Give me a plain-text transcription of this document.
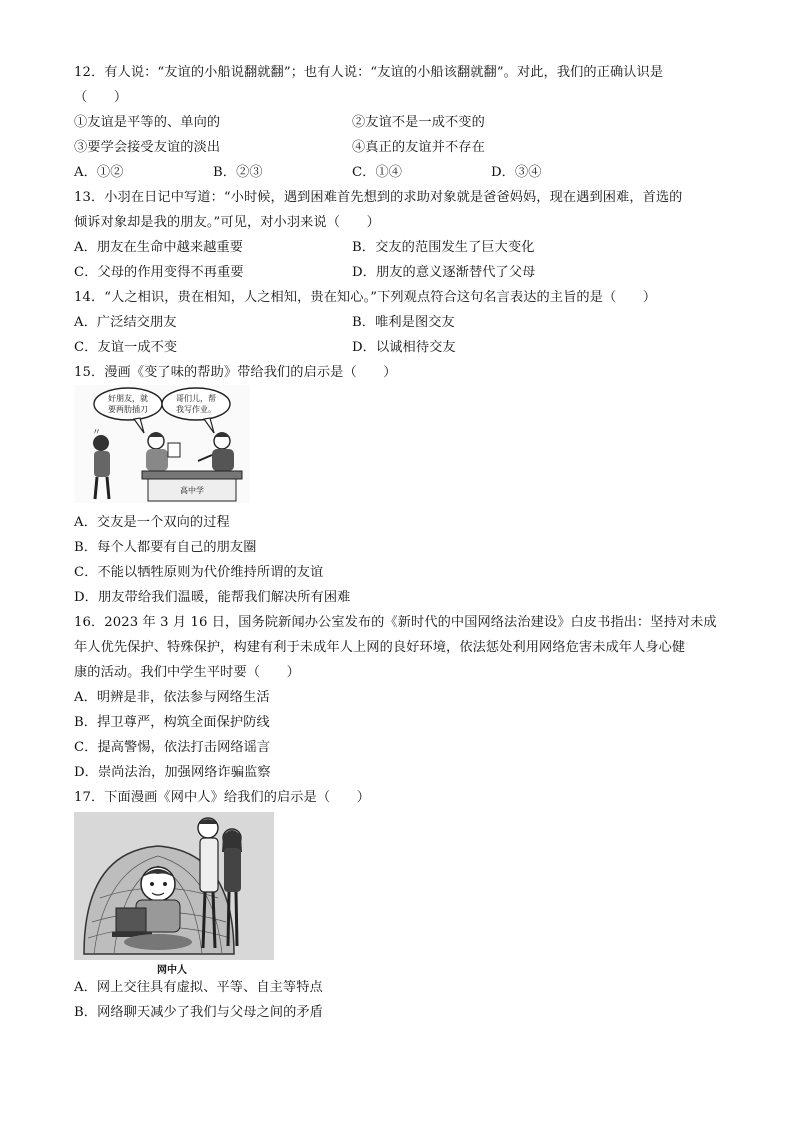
12．有人说：“友谊的小船说翻就翻”；也有人说：“友谊的小船该翻就翻”。对此，我们的正确认识是
（　　）
①友谊是平等的、单向的	②友谊不是一成不变的
③要学会接受友谊的淡出	④真正的友谊并不存在
A．①②	B．②③	C．①④	D．③④
13．小羽在日记中写道：“小时候，遇到困难首先想到的求助对象就是爸爸妈妈，现在遇到困难，首选的
倾诉对象却是我的朋友。”可见，对小羽来说（　　）
A．朋友在生命中越来越重要	B．交友的范围发生了巨大变化
C．父母的作用变得不再重要	D．朋友的意义逐渐替代了父母
14．“人之相识，贵在相知，人之相知，贵在知心。”下列观点符合这句名言表达的主旨的是（　　）
A．广泛结交朋友	B．唯利是图交友
C．友谊一成不变	D．以诚相待交友
15．漫画《变了味的帮助》带给我们的启示是（　　）
好朋友，就
要两肋插刀
哥们儿，帮
我写作业。
〃
高中学
A．交友是一个双向的过程
B．每个人都要有自己的朋友圈
C．不能以牺牲原则为代价维持所谓的友谊
D．朋友带给我们温暖，能帮我们解决所有困难
16．2023 年 3 月 16 日，国务院新闻办公室发布的《新时代的中国网络法治建设》白皮书指出：坚持对未成
年人优先保护、特殊保护，构建有利于未成年人上网的良好环境，依法惩处利用网络危害未成年人身心健
康的活动。我们中学生平时要（　　）
A．明辨是非，依法参与网络生活
B．捍卫尊严，构筑全面保护防线
C．提高警惕，依法打击网络谣言
D．崇尚法治，加强网络诈骗监察
17．下面漫画《网中人》给我们的启示是（　　）
网中人
A．网上交往具有虚拟、平等、自主等特点
B．网络聊天减少了我们与父母之间的矛盾
